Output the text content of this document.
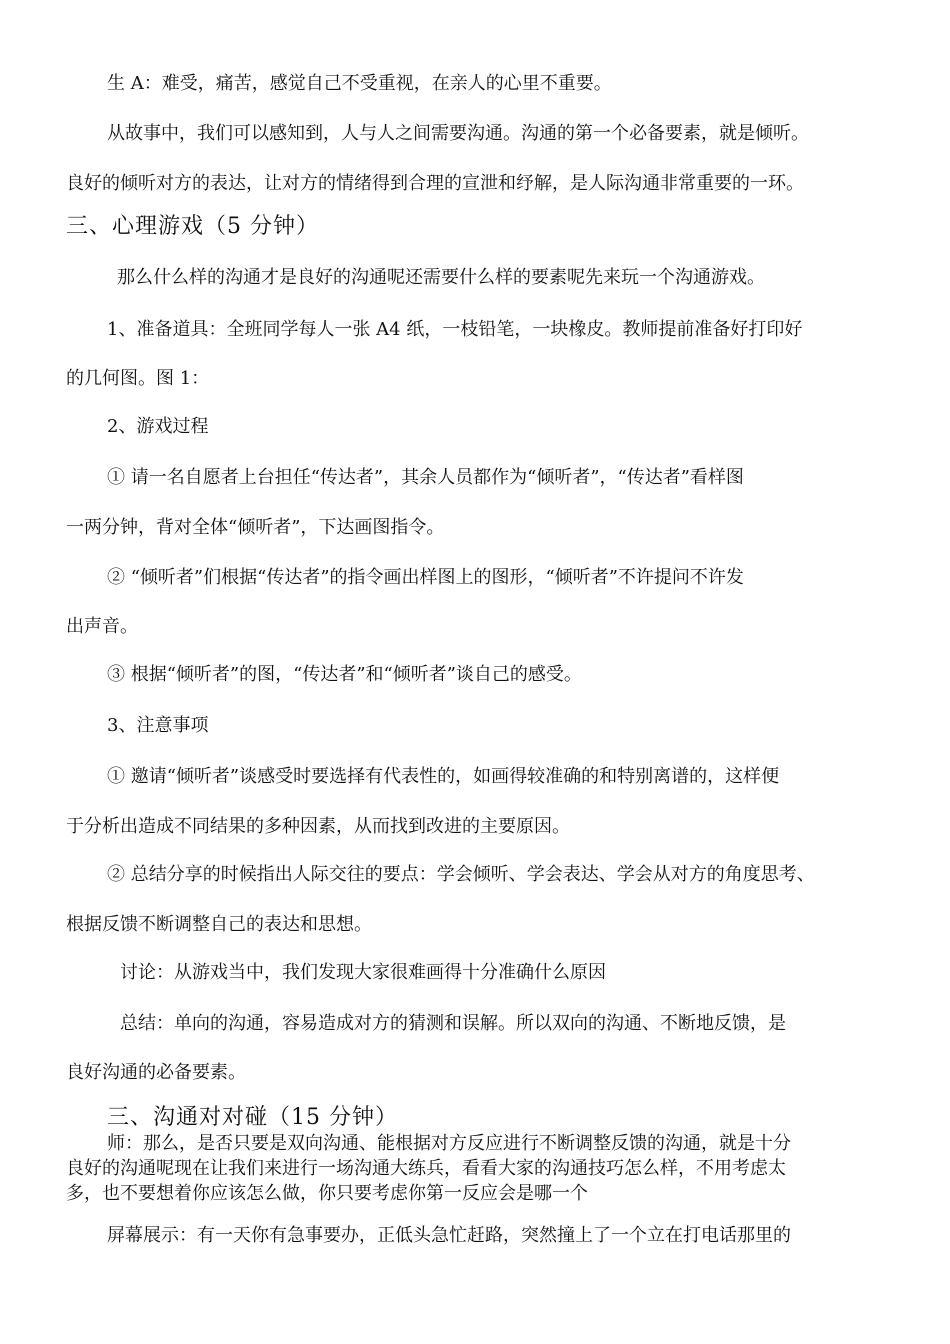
生 A：难受，痛苦，感觉自己不受重视，在亲人的心里不重要。
从故事中，我们可以感知到，人与人之间需要沟通。沟通的第一个必备要素，就是倾听。
良好的倾听对方的表达，让对方的情绪得到合理的宣泄和纾解，是人际沟通非常重要的一环。
三、心理游戏（5 分钟）
那么什么样的沟通才是良好的沟通呢还需要什么样的要素呢先来玩一个沟通游戏。
1、准备道具：全班同学每人一张 A4 纸，一枝铅笔，一块橡皮。教师提前准备好打印好
的几何图。图 1：
2、游戏过程
① 请一名自愿者上台担任“传达者”，其余人员都作为“倾听者”，“传达者”看样图
一两分钟，背对全体“倾听者”，下达画图指令。
② “倾听者”们根据“传达者”的指令画出样图上的图形，“倾听者”不许提问不许发
出声音。
③ 根据“倾听者”的图，“传达者”和“倾听者”谈自己的感受。
3、注意事项
① 邀请“倾听者”谈感受时要选择有代表性的，如画得较准确的和特别离谱的，这样便
于分析出造成不同结果的多种因素，从而找到改进的主要原因。
② 总结分享的时候指出人际交往的要点：学会倾听、学会表达、学会从对方的角度思考、
根据反馈不断调整自己的表达和思想。
讨论：从游戏当中，我们发现大家很难画得十分准确什么原因
总结：单向的沟通，容易造成对方的猜测和误解。所以双向的沟通、不断地反馈，是
良好沟通的必备要素。
三、沟通对对碰（15 分钟）
师：那么，是否只要是双向沟通、能根据对方反应进行不断调整反馈的沟通，就是十分
良好的沟通呢现在让我们来进行一场沟通大练兵，看看大家的沟通技巧怎么样，不用考虑太
多，也不要想着你应该怎么做，你只要考虑你第一反应会是哪一个
屏幕展示：有一天你有急事要办，正低头急忙赶路，突然撞上了一个立在打电话那里的
